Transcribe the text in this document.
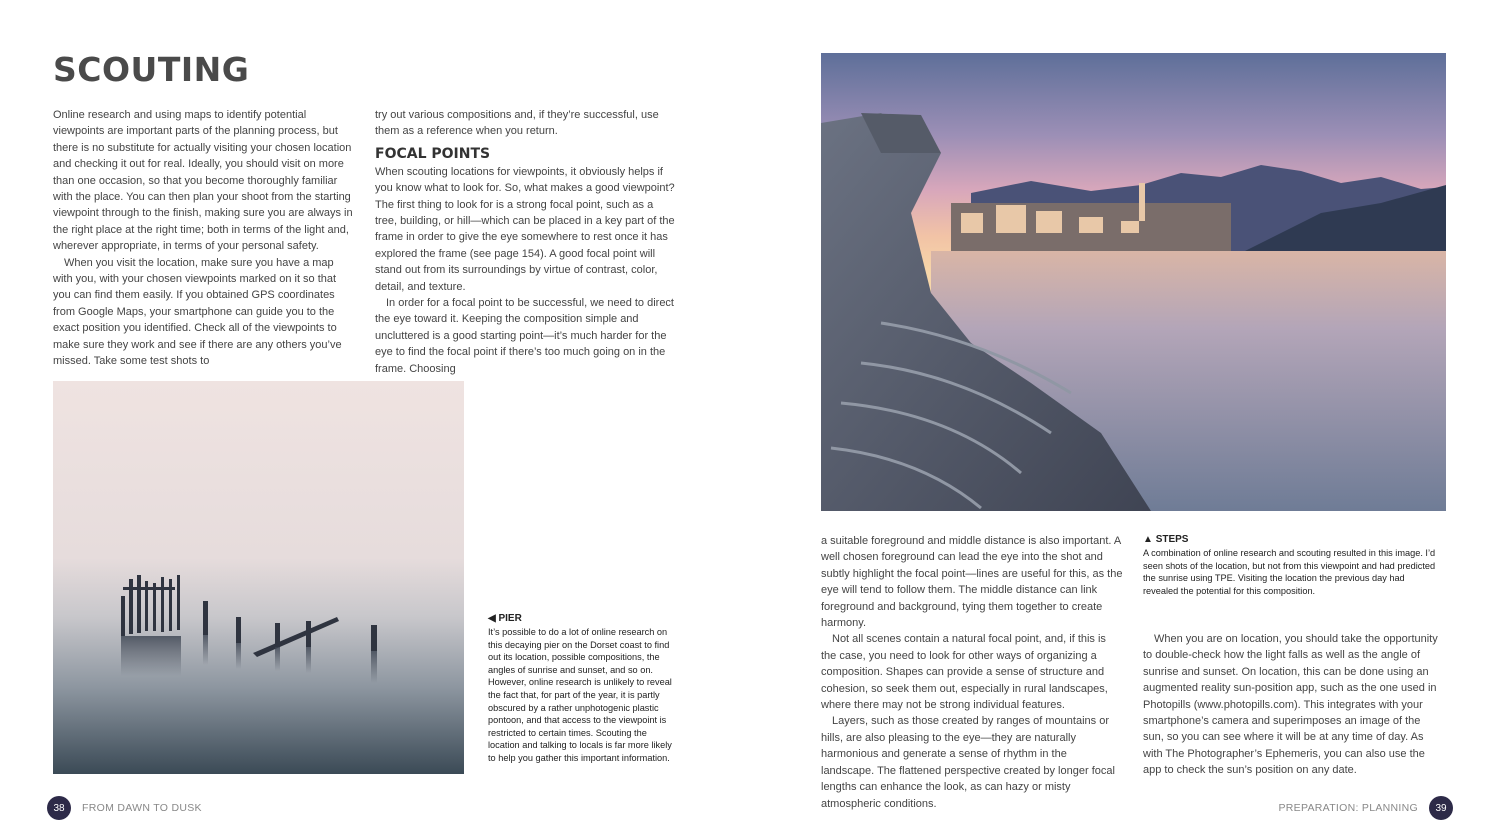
SCOUTING

Online research and using maps to identify potential viewpoints are important parts of the planning process, but there is no substitute for actually visiting your chosen location and checking it out for real. Ideally, you should visit on more than one occasion, so that you become thoroughly familiar with the place. You can then plan your shoot from the starting viewpoint through to the finish, making sure you are always in the right place at the right time; both in terms of the light and, wherever appropriate, in terms of your personal safety.

When you visit the location, make sure you have a map with you, with your chosen viewpoints marked on it so that you can find them easily. If you obtained GPS coordinates from Google Maps, your smartphone can guide you to the exact position you identified. Check all of the viewpoints to make sure they work and see if there are any others you’ve missed. Take some test shots to

try out various compositions and, if they’re successful, use them as a reference when you return.

FOCAL POINTS

When scouting locations for viewpoints, it obviously helps if you know what to look for. So, what makes a good viewpoint? The first thing to look for is a strong focal point, such as a tree, building, or hill—which can be placed in a key part of the frame in order to give the eye somewhere to rest once it has explored the frame (see page 154). A good focal point will stand out from its surroundings by virtue of contrast, color, detail, and texture.

In order for a focal point to be successful, we need to direct the eye toward it. Keeping the composition simple and uncluttered is a good starting point—it’s much harder for the eye to find the focal point if there’s too much going on in the frame. Choosing

◀ PIER

It’s possible to do a lot of online research on this decaying pier on the Dorset coast to find out its location, possible compositions, the angles of sunrise and sunset, and so on. However, online research is unlikely to reveal the fact that, for part of the year, it is partly obscured by a rather unphotogenic plastic pontoon, and that access to the viewpoint is restricted to certain times. Scouting the location and talking to locals is far more likely to help you gather this important information.

38	FROM DAWN TO DUSK

a suitable foreground and middle distance is also important. A well chosen foreground can lead the eye into the shot and subtly highlight the focal point—lines are useful for this, as the eye will tend to follow them. The middle distance can link foreground and background, tying them together to create harmony.

Not all scenes contain a natural focal point, and, if this is the case, you need to look for other ways of organizing a composition. Shapes can provide a sense of structure and cohesion, so seek them out, especially in rural landscapes, where there may not be strong individual features.

Layers, such as those created by ranges of mountains or hills, are also pleasing to the eye—they are naturally harmonious and generate a sense of rhythm in the landscape. The flattened perspective created by longer focal lengths can enhance the look, as can hazy or misty atmospheric conditions.

▲ STEPS

A combination of online research and scouting resulted in this image. I’d seen shots of the location, but not from this viewpoint and had predicted the sunrise using TPE. Visiting the location the previous day had revealed the potential for this composition.

When you are on location, you should take the opportunity to double-check how the light falls as well as the angle of sunrise and sunset. On location, this can be done using an augmented reality sun-position app, such as the one used in Photopills (www.photopills.com). This integrates with your smartphone’s camera and superimposes an image of the sun, so you can see where it will be at any time of day. As with The Photographer’s Ephemeris, you can also use the app to check the sun’s position on any date.

PREPARATION: PLANNING	39
